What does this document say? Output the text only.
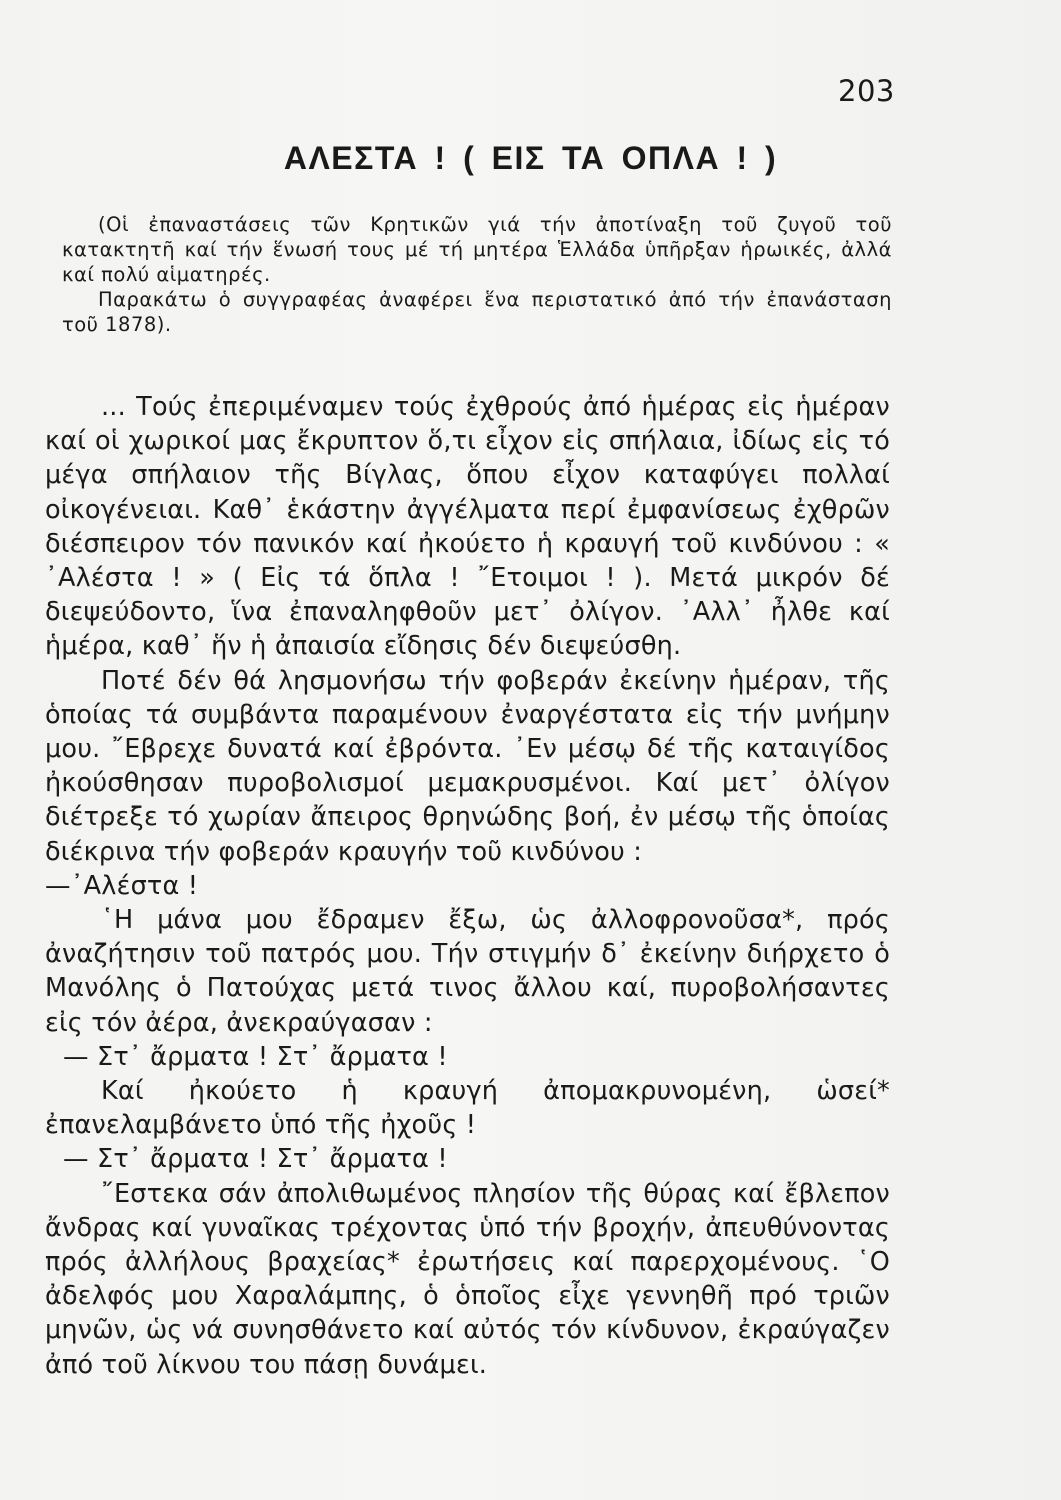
203
ΑΛΕΣΤΑ ! ( ΕΙΣ ΤΑ ΟΠΛΑ ! )

(Οἱ ἐπαναστάσεις τῶν Κρητικῶν γιά τήν ἀποτίναξη τοῦ ζυγοῦ τοῦ κατακτητῆ καί τήν ἕνωσή τους μέ τή μητέρα Ἑλλάδα ὑπῆρξαν ἡρωικές, ἀλλά καί πολύ αἱματηρές.

Παρακάτω ὁ συγγραφέας ἀναφέρει ἕνα περιστατικό ἀπό τήν ἐπανάσταση τοῦ 1878).

... Τούς ἐπεριμέναμεν τούς ἐχθρούς ἀπό ἡμέρας εἰς ἡμέραν καί οἱ χωρικοί μας ἔκρυπτον ὅ,τι εἶχον εἰς σπήλαια, ἰδίως εἰς τό μέγα σπήλαιον τῆς Βίγλας, ὅπου εἶχον καταφύγει πολλαί οἰκογένειαι. Καθ᾽ ἑκάστην ἀγγέλματα περί ἐμφανίσεως ἐχθρῶν διέσπειρον τόν πανικόν καί ἠκούετο ἡ κραυγή τοῦ κινδύνου : « ᾽Αλέστα ! » ( Εἰς τά ὅπλα ! ῎Ετοιμοι ! ). Μετά μικρόν δέ διεψεύδοντο, ἵνα ἐπαναληφθοῦν μετ᾽ ὀλίγον. ᾽Αλλ᾽ ἦλθε καί ἡμέρα, καθ᾽ ἥν ἡ ἀπαισία εἴδησις δέν διεψεύσθη.

Ποτέ δέν θά λησμονήσω τήν φοβεράν ἐκείνην ἡμέραν, τῆς ὁποίας τά συμβάντα παραμένουν ἐναργέστατα εἰς τήν μνήμην μου. ῎Εβρεχε δυνατά καί ἐβρόντα. ᾽Εν μέσῳ δέ τῆς καταιγίδος ἠκούσθησαν πυροβολισμοί μεμακρυσμένοι. Καί μετ᾽ ὀλίγον διέτρεξε τό χωρίαν ἄπειρος θρηνώδης βοή, ἐν μέσῳ τῆς ὁποίας διέκρινα τήν φοβεράν κραυγήν τοῦ κινδύνου :

—᾽Αλέστα !

῾Η μάνα μου ἔδραμεν ἔξω, ὡς ἀλλοφρονοῦσα*, πρός ἀναζήτησιν τοῦ πατρός μου. Τήν στιγμήν δ᾽ ἐκείνην διήρχετο ὁ Μανόλης ὁ Πατούχας μετά τινος ἄλλου καί, πυροβολήσαντες εἰς τόν ἀέρα, ἀνεκραύγασαν :

— Στ᾽ ἄρματα ! Στ᾽ ἄρματα !

Καί ἠκούετο ἡ κραυγή ἀπομακρυνομένη, ὡσεί* ἐπανελαμβάνετο ὑπό τῆς ἠχοῦς !

— Στ᾽ ἄρματα ! Στ᾽ ἄρματα !

῎Εστεκα σάν ἀπολιθωμένος πλησίον τῆς θύρας καί ἔβλεπον ἄνδρας καί γυναῖκας τρέχοντας ὑπό τήν βροχήν, ἀπευθύνοντας πρός ἀλλήλους βραχείας* ἐρωτήσεις καί παρερχομένους. ῾Ο ἀδελφός μου Χαραλάμπης, ὁ ὁποῖος εἶχε γεννηθῆ πρό τριῶν μηνῶν, ὡς νά συνησθάνετο καί αὐτός τόν κίνδυνον, ἐκραύγαζεν ἀπό τοῦ λίκνου του πάσῃ δυνάμει.
